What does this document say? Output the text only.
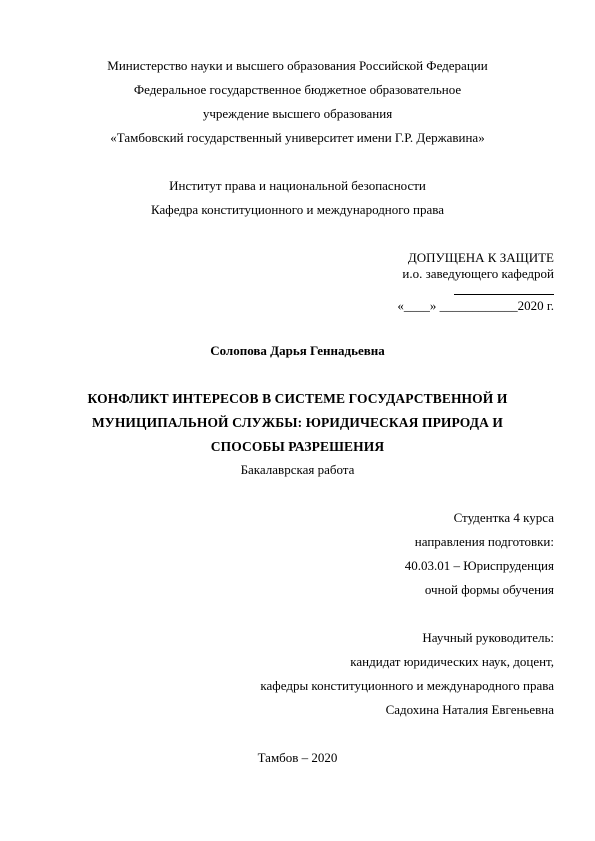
Министерство науки и высшего образования Российской Федерации
Федеральное государственное бюджетное образовательное
учреждение высшего образования
«Тамбовский государственный университет имени Г.Р. Державина»
Институт права и национальной безопасности
Кафедра конституционного и международного права
ДОПУЩЕНА К ЗАЩИТЕ
и.о. заведующего кафедрой
«____» ____________2020 г.
Солопова Дарья Геннадьевна
КОНФЛИКТ ИНТЕРЕСОВ В СИСТЕМЕ ГОСУДАРСТВЕННОЙ И
МУНИЦИПАЛЬНОЙ СЛУЖБЫ: ЮРИДИЧЕСКАЯ ПРИРОДА И
СПОСОБЫ РАЗРЕШЕНИЯ
Бакалаврская работа
Студентка 4 курса
направления подготовки:
40.03.01 – Юриспруденция
очной формы обучения
Научный руководитель:
кандидат юридических наук, доцент,
кафедры конституционного и международного права
Садохина Наталия Евгеньевна
Тамбов – 2020
